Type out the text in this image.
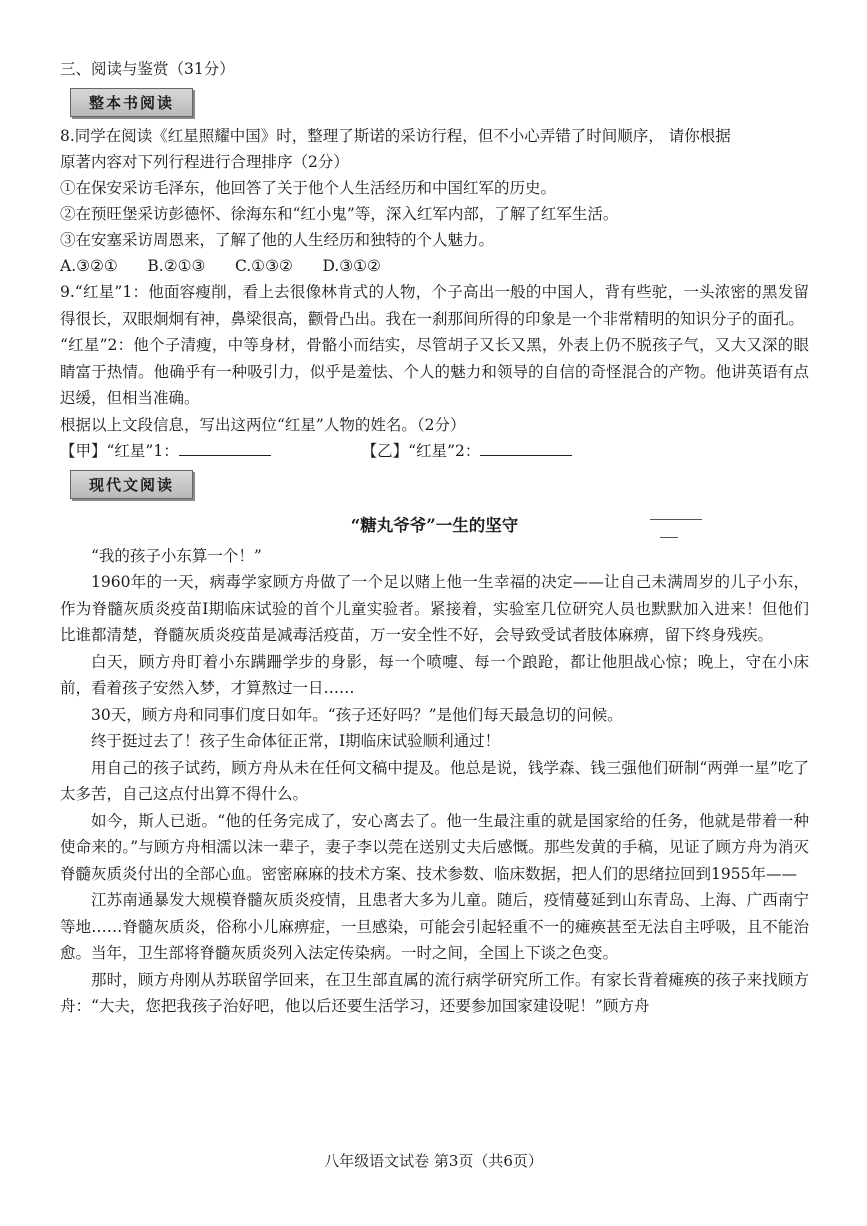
三、阅读与鉴赏（31分）
整本书阅读
8.同学在阅读《红星照耀中国》时，整理了斯诺的采访行程，但不小心弄错了时间顺序， 请你根据
原著内容对下列行程进行合理排序（2分）
①在保安采访毛泽东，他回答了关于他个人生活经历和中国红军的历史。
②在预旺堡采访彭德怀、徐海东和“红小鬼”等，深入红军内部，了解了红军生活。
③在安塞采访周恩来，了解了他的人生经历和独特的个人魅力。
A.③②① B.②①③ C.①③② D.③①②
9.“红星”1：他面容瘦削，看上去很像林肯式的人物，个子高出一般的中国人，背有些驼，一头浓密的黑发留得很长，双眼炯炯有神，鼻梁很高，颧骨凸出。我在一刹那间所得的印象是一个非常精明的知识分子的面孔。
“红星”2：他个子清瘦，中等身材，骨骼小而结实，尽管胡子又长又黑，外表上仍不脱孩子气，又大又深的眼睛富于热情。他确乎有一种吸引力，似乎是羞怯、个人的魅力和领导的自信的奇怪混合的产物。他讲英语有点迟缓，但相当准确。
根据以上文段信息，写出这两位“红星”人物的姓名。（2分）
【甲】“红星”1：	【乙】“红星”2：
现代文阅读
“糖丸爷爷”一生的坚守
“我的孩子小东算一个！”
1960年的一天，病毒学家顾方舟做了一个足以赌上他一生幸福的决定——让自己未满周岁的儿子小东，作为脊髓灰质炎疫苗I期临床试验的首个儿童实验者。紧接着，实验室几位研究人员也默默加入进来！但他们比谁都清楚，脊髓灰质炎疫苗是减毒活疫苗，万一安全性不好，会导致受试者肢体麻痹，留下终身残疾。
白天，顾方舟盯着小东蹒跚学步的身影，每一个喷嚏、每一个踉跄，都让他胆战心惊；晚上，守在小床前，看着孩子安然入梦，才算熬过一日……
30天，顾方舟和同事们度日如年。“孩子还好吗？”是他们每天最急切的问候。
终于挺过去了！孩子生命体征正常，I期临床试验顺利通过！
用自己的孩子试药，顾方舟从未在任何文稿中提及。他总是说，钱学森、钱三强他们研制“两弹一星”吃了太多苦，自己这点付出算不得什么。
如今，斯人已逝。“他的任务完成了，安心离去了。他一生最注重的就是国家给的任务，他就是带着一种使命来的。”与顾方舟相濡以沫一辈子，妻子李以莞在送别丈夫后感慨。那些发黄的手稿，见证了顾方舟为消灭脊髓灰质炎付出的全部心血。密密麻麻的技术方案、技术参数、临床数据，把人们的思绪拉回到1955年——
江苏南通暴发大规模脊髓灰质炎疫情，且患者大多为儿童。随后，疫情蔓延到山东青岛、上海、广西南宁等地……脊髓灰质炎，俗称小儿麻痹症，一旦感染，可能会引起轻重不一的瘫痪甚至无法自主呼吸，且不能治愈。当年，卫生部将脊髓灰质炎列入法定传染病。一时之间，全国上下谈之色变。
那时，顾方舟刚从苏联留学回来，在卫生部直属的流行病学研究所工作。有家长背着瘫痪的孩子来找顾方舟：“大夫，您把我孩子治好吧，他以后还要生活学习，还要参加国家建设呢！”顾方舟
八年级语文试卷 第3页（共6页）
